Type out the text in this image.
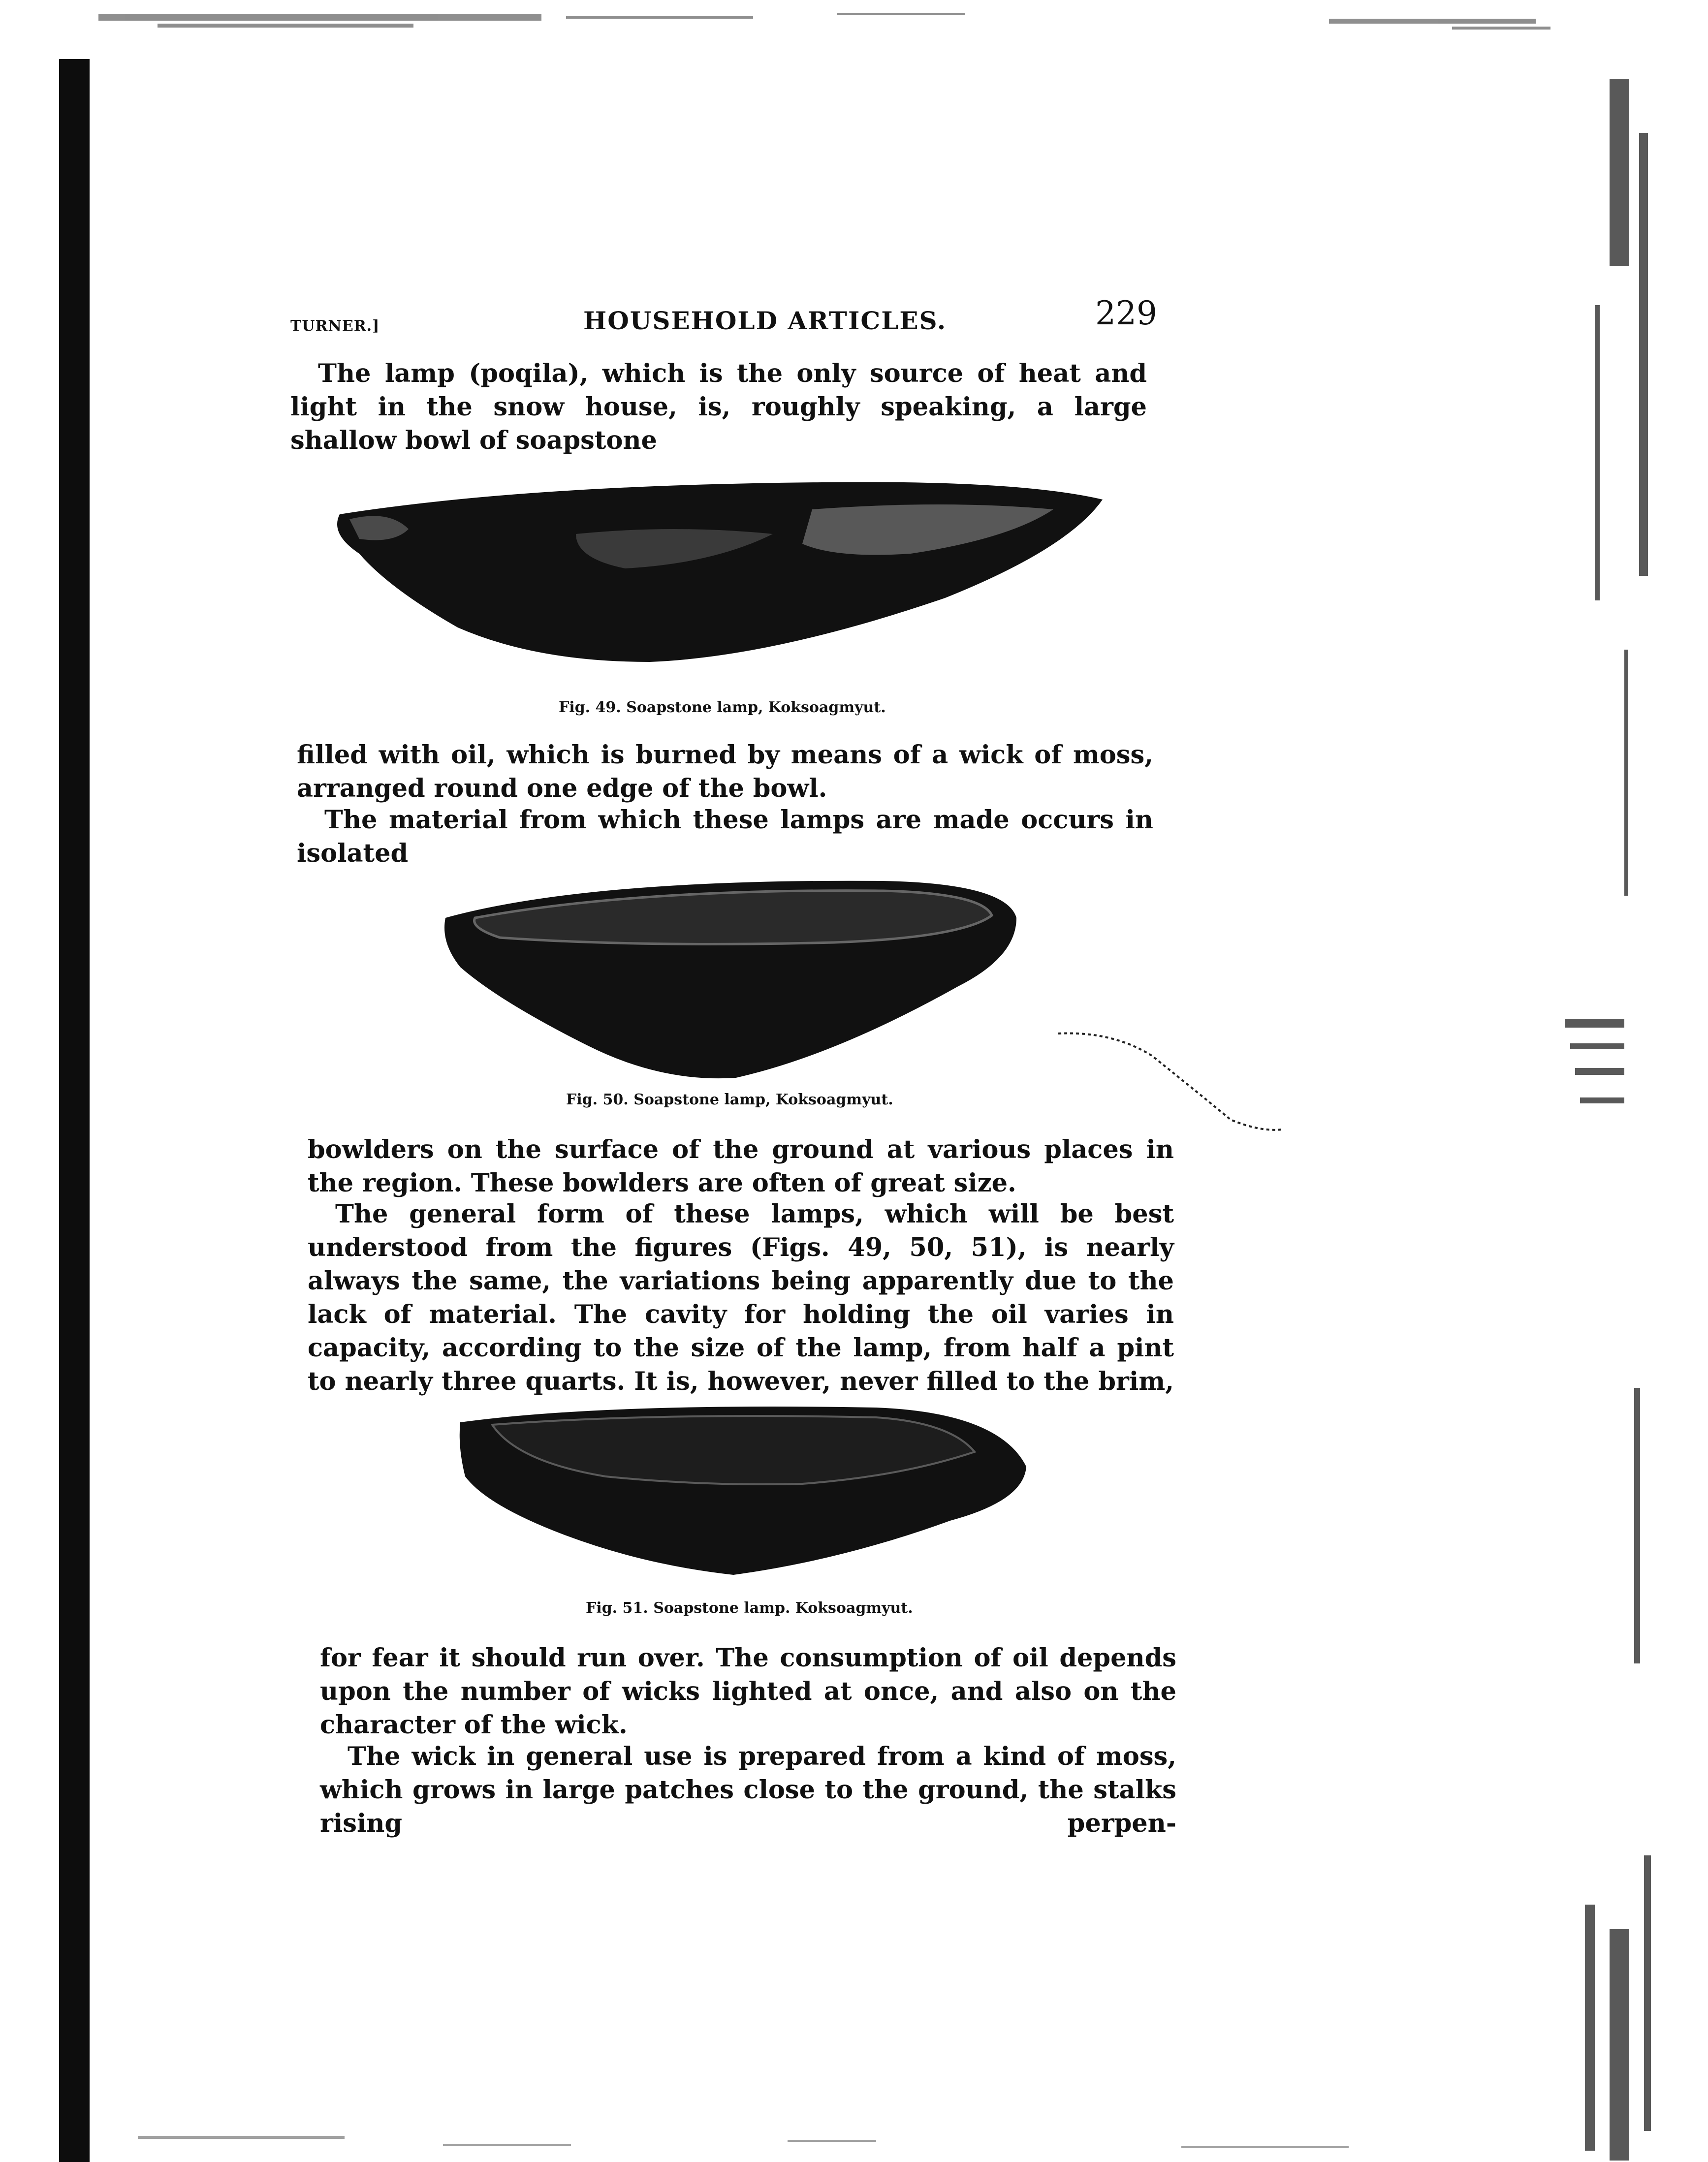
TURNER.]	HOUSEHOLD ARTICLES.	229
The lamp (poqila), which is the only source of heat and light in the snow house, is, roughly speaking, a large shallow bowl of soapstone
Fig. 49. Soapstone lamp, Koksoagmyut.
filled with oil, which is burned by means of a wick of moss, arranged round one edge of the bowl.
The material from which these lamps are made occurs in isolated
Fig. 50. Soapstone lamp, Koksoagmyut.
bowlders on the surface of the ground at various places in the region. These bowlders are often of great size.
The general form of these lamps, which will be best understood from the figures (Figs. 49, 50, 51), is nearly always the same, the variations being apparently due to the lack of material. The cavity for holding the oil varies in capacity, according to the size of the lamp, from half a pint to nearly three quarts. It is, however, never filled to the brim,
Fig. 51. Soapstone lamp. Koksoagmyut.
for fear it should run over. The consumption of oil depends upon the number of wicks lighted at once, and also on the character of the wick.
The wick in general use is prepared from a kind of moss, which grows in large patches close to the ground, the stalks rising perpen-
